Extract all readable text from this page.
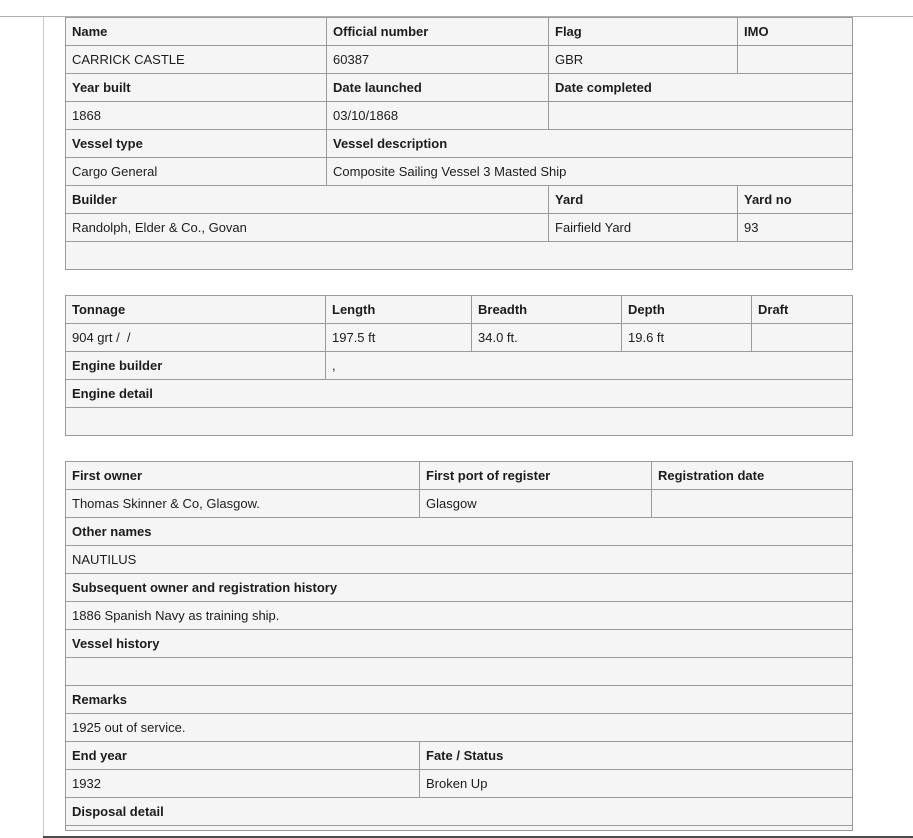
Name	Official number	Flag	IMO
CARRICK CASTLE	60387	GBR	
Year built	Date launched	Date completed	
1868	03/10/1868		
Vessel type	Vessel description		
Cargo General	Composite Sailing Vessel 3 Masted Ship		
Builder		Yard	Yard no
Randolph, Elder & Co., Govan		Fairfield Yard	93

Tonnage	Length	Breadth	Depth	Draft
904 grt /  /	197.5 ft	34.0 ft.	19.6 ft	
Engine builder	,			
Engine detail				

First owner	First port of register	Registration date
Thomas Skinner & Co, Glasgow.	Glasgow	
Other names		
NAUTILUS		
Subsequent owner and registration history		
1886 Spanish Navy as training ship.		
Vessel history		

Remarks		
1925 out of service.		
End year	Fate / Status	
1932	Broken Up	
Disposal detail		
